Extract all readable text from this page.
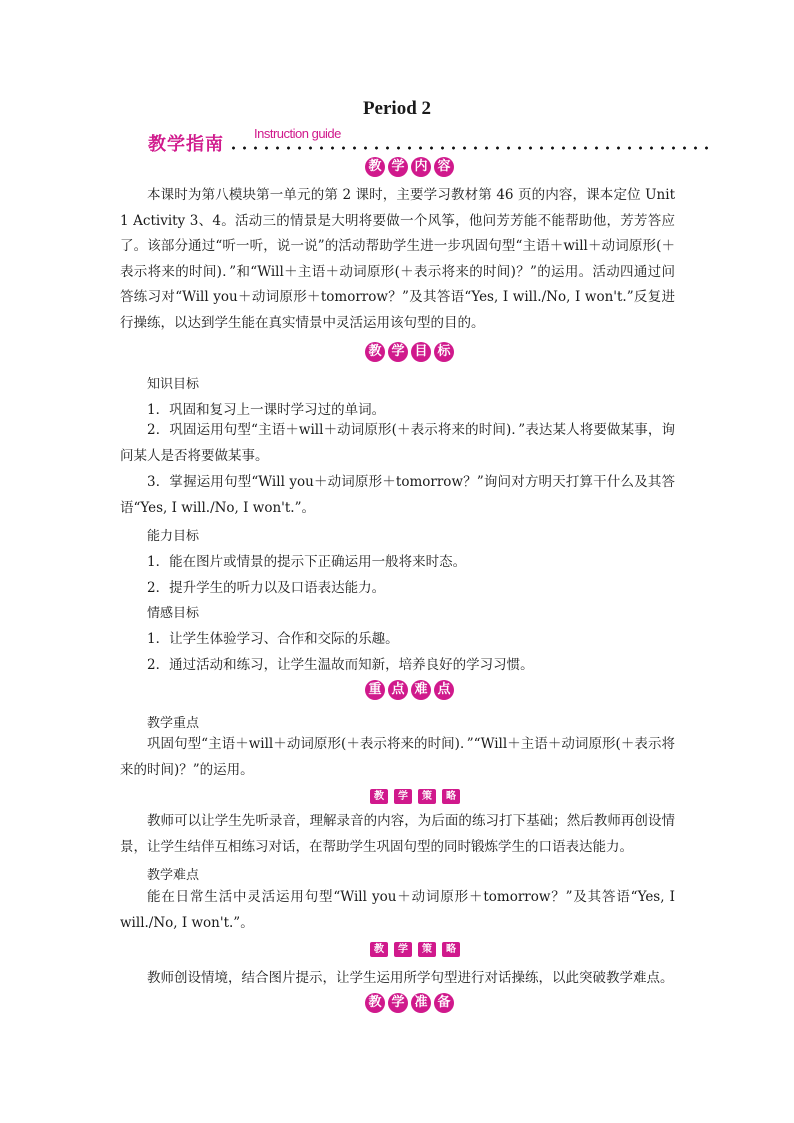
Period 2
教学指南
Instruction guide
教 学 内 容
本课时为第八模块第一单元的第 2 课时，主要学习教材第 46 页的内容，课本定位 Unit 1 Activity 3、4。活动三的情景是大明将要做一个风筝，他问芳芳能不能帮助他，芳芳答应了。该部分通过“听一听，说一说”的活动帮助学生进一步巩固句型“主语＋will＋动词原形(＋表示将来的时间)．”和“Will＋主语＋动词原形(＋表示将来的时间)？”的运用。活动四通过问答练习对“Will you＋动词原形＋tomorrow？”及其答语“Yes, I will./No, I won't.”反复进行操练，以达到学生能在真实情景中灵活运用该句型的目的。
教 学 目 标
知识目标
1．巩固和复习上一课时学习过的单词。
2．巩固运用句型“主语＋will＋动词原形(＋表示将来的时间)．”表达某人将要做某事，询问某人是否将要做某事。
3．掌握运用句型“Will you＋动词原形＋tomorrow？”询问对方明天打算干什么及其答语“Yes, I will./No, I won't.”。
能力目标
1．能在图片或情景的提示下正确运用一般将来时态。
2．提升学生的听力以及口语表达能力。
情感目标
1．让学生体验学习、合作和交际的乐趣。
2．通过活动和练习，让学生温故而知新，培养良好的学习习惯。
重 点 难 点
教学重点
巩固句型“主语＋will＋动词原形(＋表示将来的时间)．”“Will＋主语＋动词原形(＋表示将来的时间)？”的运用。
教	学	策	略
教师可以让学生先听录音，理解录音的内容，为后面的练习打下基础；然后教师再创设情景，让学生结伴互相练习对话，在帮助学生巩固句型的同时锻炼学生的口语表达能力。
教学难点
能在日常生活中灵活运用句型“Will you＋动词原形＋tomorrow？”及其答语“Yes, I will./No, I won't.”。
教	学	策	略
教师创设情境，结合图片提示，让学生运用所学句型进行对话操练，以此突破教学难点。
教 学 准 备
